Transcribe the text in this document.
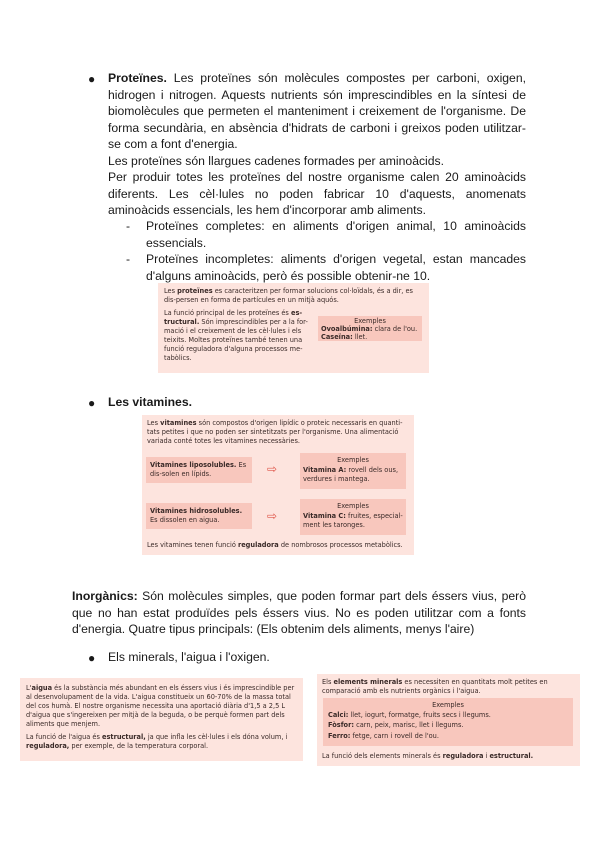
● Proteïnes. Les proteïnes són molècules compostes per carboni, oxigen, hidrogen i nitrogen. Aquests nutrients són imprescindibles en la síntesi de biomolècules que permeten el manteniment i creixement de l'organisme. De forma secundària, en absència d'hidrats de carboni i greixos poden utilitzar-se com a font d'energia.
Les proteïnes són llargues cadenes formades per aminoàcids.
Per produir totes les proteïnes del nostre organisme calen 20 aminoàcids diferents. Les cèl·lules no poden fabricar 10 d'aquests, anomenats aminoàcids essencials, les hem d'incorporar amb aliments.
- Proteïnes completes: en aliments d'origen animal, 10 aminoàcids essencials.
- Proteïnes incompletes: aliments d'origen vegetal, estan mancades d'alguns aminoàcids, però és possible obtenir-ne 10.
Les proteïnes es caracteritzen per formar solucions col·loïdals, és a dir, es dis-persen en forma de partícules en un mitjà aquós.
La funció principal de les proteïnes és es-tructural. Són imprescindibles per a la for-mació i el creixement de les cèl·lules i els teixits. Moltes proteïnes també tenen una funció reguladora d'alguna processos me-tabòlics.
Exemples
Ovoalbúmina: clara de l'ou.
Caseïna: llet.
● Les vitamines.
Les vitamines són compostos d'origen lipídic o proteic necessaris en quanti-tats petites i que no poden ser sintetitzats per l'organisme. Una alimentació variada conté totes les vitamines necessàries.
Vitamines liposolubles. Es dis-solen en lípids.	⇨
Exemples
Vitamina A: rovell dels ous, verdures i mantega.
Vitamines hidrosolubles. Es dissolen en aigua.	⇨
Exemples
Vitamina C: fruites, especial-ment les taronges.
Les vitamines tenen funció reguladora de nombrosos processos metabòlics.
Inorgànics: Són molècules simples, que poden formar part dels éssers vius, però que no han estat produïdes pels éssers vius. No es poden utilitzar com a fonts d'energia. Quatre tipus principals: (Els obtenim dels aliments, menys l'aire)
● Els minerals, l'aigua i l'oxigen.
L'aigua és la substància més abundant en els éssers vius i és imprescindible per al desenvolupament de la vida. L'aigua constitueix un 60-70% de la massa total del cos humà. El nostre organisme necessita una aportació diària d'1,5 a 2,5 L d'aigua que s'ingereixen per mitjà de la beguda, o be perquè formen part dels aliments que menjem.
La funció de l'aigua és estructural, ja que infla les cèl·lules i els dóna volum, i reguladora, per exemple, de la temperatura corporal.
Els elements minerals es necessiten en quantitats molt petites en comparació amb els nutrients orgànics i l'aigua.
Exemples
Calci: llet, iogurt, formatge, fruits secs i llegums.
Fòsfor: carn, peix, marisc, llet i llegums.
Ferro: fetge, carn i rovell de l'ou.
La funció dels elements minerals és reguladora i estructural.
